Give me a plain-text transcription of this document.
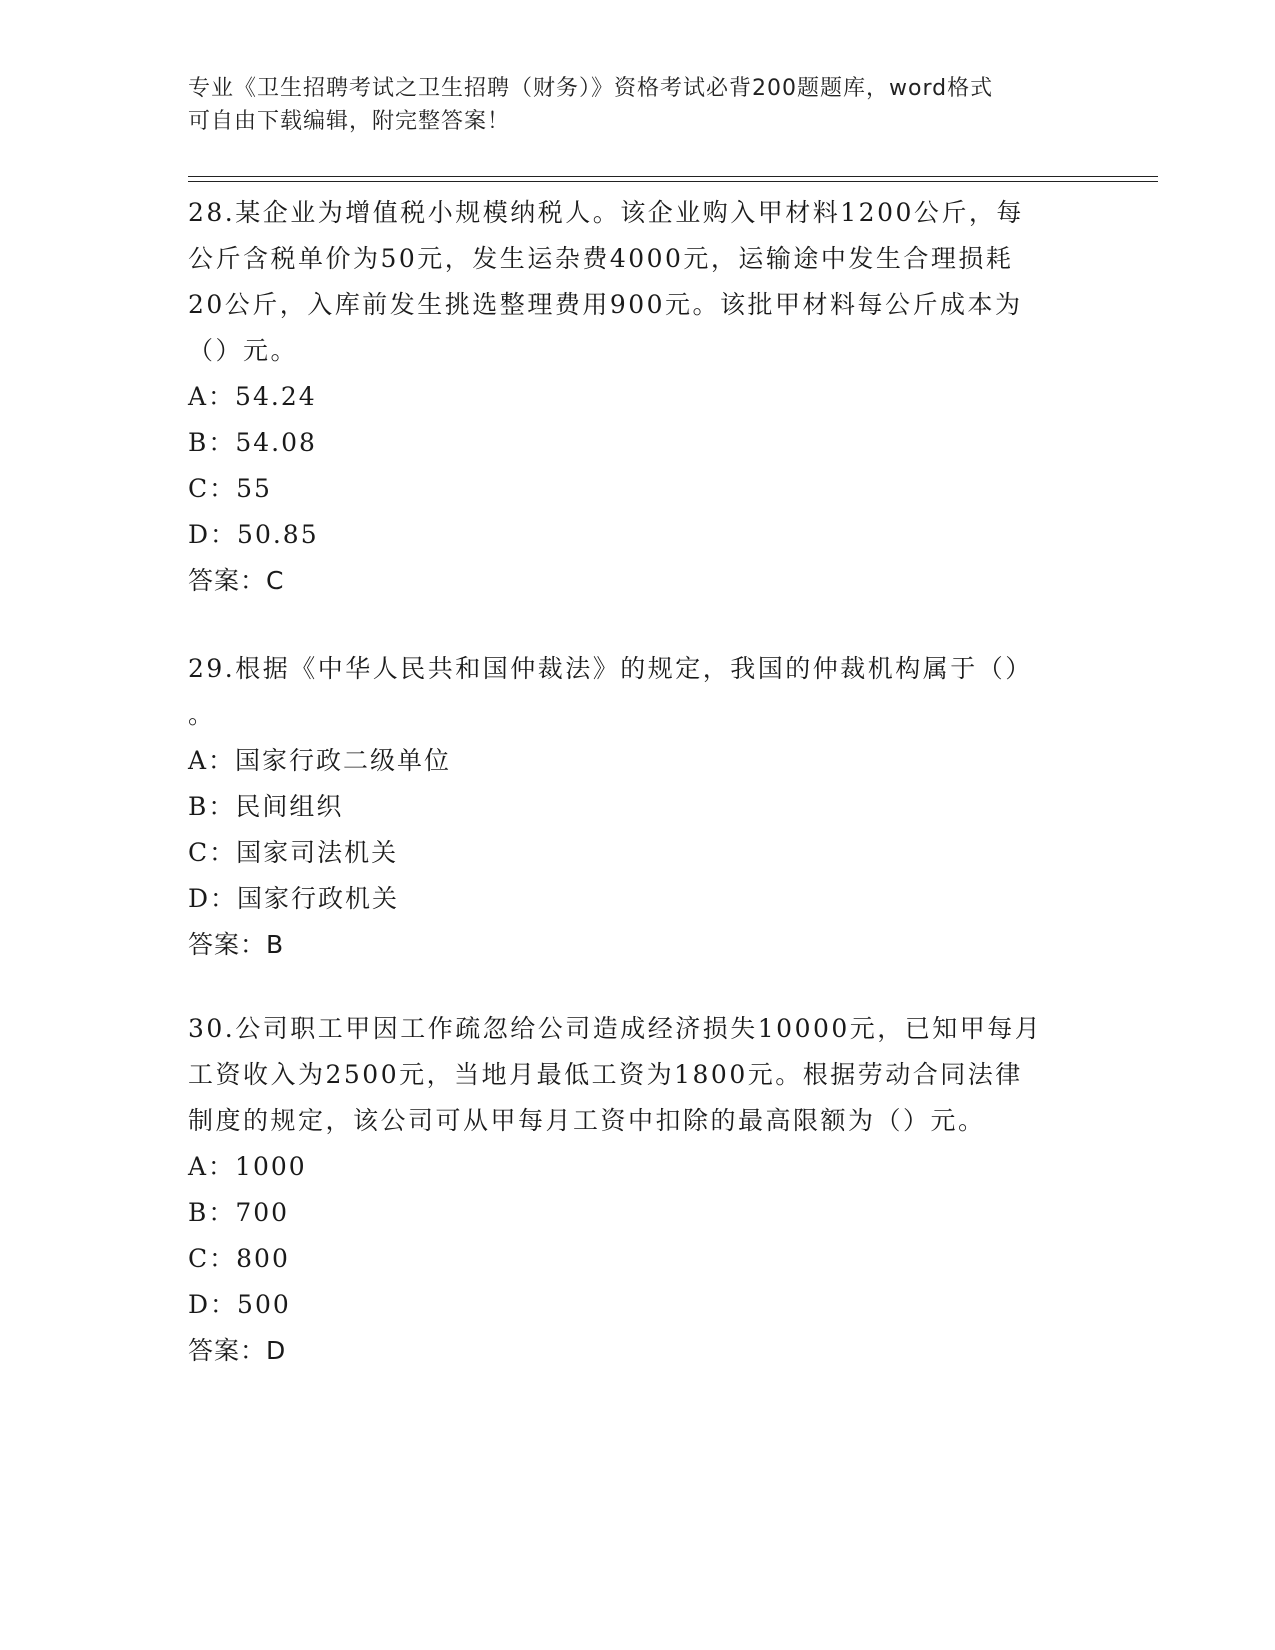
专业《卫生招聘考试之卫生招聘（财务）》资格考试必背200题题库，word格式
可自由下载编辑，附完整答案！

28.某企业为增值税小规模纳税人。该企业购入甲材料1200公斤，每

公斤含税单价为50元，发生运杂费4000元，运输途中发生合理损耗

20公斤，入库前发生挑选整理费用900元。该批甲材料每公斤成本为

（）元。

A：54.24

B：54.08

C：55

D：50.85

答案：C

29.根据《中华人民共和国仲裁法》的规定，我国的仲裁机构属于（）

。

A：国家行政二级单位

B：民间组织

C：国家司法机关

D：国家行政机关

答案：B

30.公司职工甲因工作疏忽给公司造成经济损失10000元，已知甲每月

工资收入为2500元，当地月最低工资为1800元。根据劳动合同法律

制度的规定，该公司可从甲每月工资中扣除的最高限额为（）元。

A：1000

B：700

C：800

D：500

答案：D
